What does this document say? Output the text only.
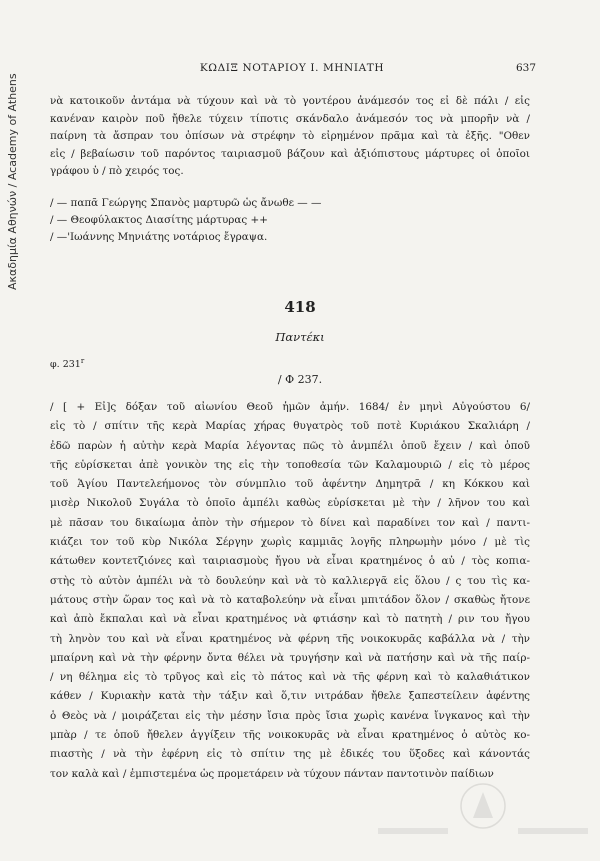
Ακαδημία Αθηνών / Academy of Athens
ΚΩΔΙΞ ΝΟΤΑΡΙΟΥ Ι. ΜΗΝΙΑΤΗ	637
νὰ κατοικοῦν ἀντάμα νὰ τύχουν καὶ νὰ τὸ γοντέρου ἀνάμεσόν τος εἰ δὲ πάλι / εἰς
κανέναν καιρὸν ποῦ ἤθελε τύχειν τίποτις σκάνδαλο ἀνάμεσόν τος νὰ μπορῆν νὰ /
παίρνη τὰ ἄσπραν του ὀπίσων νὰ στρέφην τὸ εἰρημένον πρᾶμα καὶ τὰ ἐξῆς. "Οθεν
εἰς / βεβαίωσιν τοῦ παρόντος ταιριασμοῦ βάζουν καὶ ἀξιόπιστους μάρτυρες οἱ ὁποῖοι
γράφου ὑ / πὸ χειρός τος.
/ — παπᾶ Γεώργης Σπανὸς μαρτυρῶ ὡς ἄνωθε — —
/ — Θεοφύλακτος Διασίτης μάρτυρας ++
/ —'Ιωάννης Μηνιάτης νοτάριος ἔγραψα.
418
Παντέκι
φ. 231$^r$
/ Φ 237.
/ [ + Εἰ]ς δόξαν τοῦ αἰωνίου Θεοῦ ἡμῶν ἀμήν. 1684/ ἐν μηνὶ Αὐγούστου 6/
εἰς τὸ / σπίτιν τῆς κερὰ Μαρίας χήρας θυγατρὸς τοῦ ποτὲ Κυριάκου Σκαλιάρη /
ἐδῶ παρὼν ἡ αὐτὴν κερὰ Μαρία λέγοντας πῶς τὸ ἀνμπέλι ὁποῦ ἔχειν / καὶ ὁποῦ
τῆς εὑρίσκεται ἀπὲ γονικὸν της εἰς τὴν τοποθεσία τῶν Καλαμουριῶ / εἰς τὸ μέρος
τοῦ Ἁγίου Παντελεήμονος τὸν σύνμπλιο τοῦ ἀφέντην Δημητρᾶ / κη Κόκκου καὶ
μισὲρ Νικολοῦ Συγάλα τὸ ὁποῖο ἀμπέλι καθὼς εὑρίσκεται μὲ τὴν / λῆνον του καὶ
μὲ πᾶσαν του δικαίωμα ἀπὸν τὴν σήμερον τὸ δίνει καὶ παραδίνει τον καὶ / παντι-
κιάζει τον τοῦ κὺρ Νικόλα Σέργην χωρὶς καμμιᾶς λογῆς πληρωμὴν μόνο / μὲ τὶς
κάτωθεν κοντετζιόνες καὶ ταιριασμοὺς ἤγου νὰ εἶναι κρατημένος ὁ αὐ / τὸς κοπια-
στὴς τὸ αὐτὸν ἀμπέλι νὰ τὸ δουλεύην καὶ νὰ τὸ καλλιεργᾶ εἰς ὅλου / ς του τὶς κα-
μάτους στὴν ὥραν τος καὶ νὰ τὸ καταβολεύην νὰ εἶναι μπιτάδον ὅλον / σκαθὼς ἤτονε
καὶ ἀπὸ ἔκπαλαι καὶ νὰ εἶναι κρατημένος νὰ φτιάσην καὶ τὸ πατητὴ / ριν του ἤγου
τὴ ληνὸν του καὶ νὰ εἶναι κρατημένος νὰ φέρνη τῆς νοικοκυρᾶς καβάλλα νὰ / τὴν
μπαίρνη καὶ νὰ τὴν φέρνην ὄντα θέλει νὰ τρυγήσην καὶ νὰ πατήσην καὶ νὰ τῆς παίρ-
/ νη θέλημα εἰς τὸ τρῦγος καὶ εἰς τὸ πάτος καὶ νὰ τῆς φέρνη καὶ τὸ καλαθιάτικον
κάθεν / Κυριακὴν κατὰ τὴν τάξιν καὶ ὅ,τιν νιτράδαν ἤθελε ξαπεστείλειν ἀφέντης
ὁ Θεὸς νὰ / μοιράζεται εἰς τὴν μέσην ἴσια πρὸς ἴσια χωρὶς κανένα ἴνγκανος καὶ τὴν
μπὰρ / τε ὁποῦ ἤθελεν ἀγγίξειν τῆς νοικοκυρᾶς νὰ εἶναι κρατημένος ὁ αὐτὸς κο-
πιαστὴς / νὰ τὴν ἐφέρνη εἰς τὸ σπίτιν της μὲ ἐδικές του ὕξοδες καὶ κάνοντάς
τον καλὰ καὶ / ἐμπιστεμένα ὡς προμετάρειν νὰ τύχουν πάνταν παντοτινὸν παίδιων
